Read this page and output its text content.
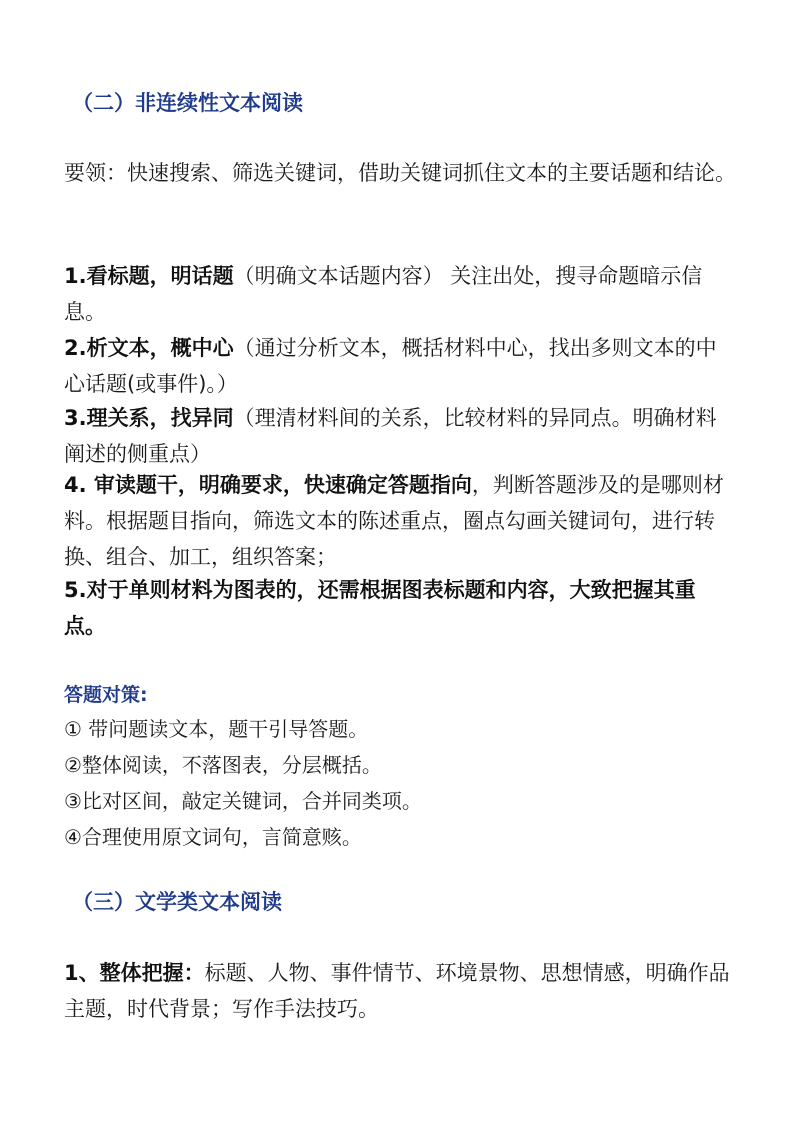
（二）非连续性文本阅读
要领：快速搜索、筛选关键词，借助关键词抓住文本的主要话题和结论。
1.看标题，明话题（明确文本话题内容） 关注出处，搜寻命题暗示信息。
2.析文本，概中心（通过分析文本，概括材料中心，找出多则文本的中心话题(或事件)。）
3.理关系，找异同（理清材料间的关系，比较材料的异同点。明确材料阐述的侧重点）
4. 审读题干，明确要求，快速确定答题指向，判断答题涉及的是哪则材料。根据题目指向，筛选文本的陈述重点，圈点勾画关键词句，进行转换、组合、加工，组织答案；
5.对于单则材料为图表的，还需根据图表标题和内容，大致把握其重点。
答题对策:
① 带问题读文本，题干引导答题。
②整体阅读，不落图表，分层概括。
③比对区间，敲定关键词，合并同类项。
④合理使用原文词句，言简意赅。
（三）文学类文本阅读
1、整体把握：标题、人物、事件情节、环境景物、思想情感，明确作品主题，时代背景；写作手法技巧。
